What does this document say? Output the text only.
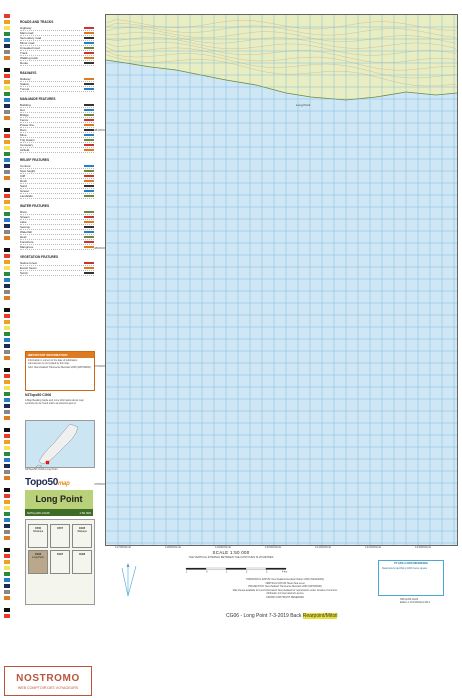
ROADS AND TRACKS
Highway
Main road
Secondary road
Minor road
Unsealed road
Track
Walking track
Route
RAILWAYS
Railway
Station
Tunnel
MAN-MADE FEATURES
Building
Hut
Bridge
Fence
Power line
Dam
Mine
Trig station
Cemetery
Airfield
RELIEF FEATURES
Contour
Spot height
Cliff
Rock
Sand
Gravel
Landslide
WATER FEATURES
River
Stream
Lake
Swamp
Waterfall
Reef
Foreshore
Mangrove
VEGETATION FEATURES
Native forest
Exotic forest
Scrub
IMPORTANT INFORMATION
Information is current to the date of publication.
Land access is not implied by this map.
Grid: New Zealand Transverse Mercator 2000 (NZTM2000).
NZTopo50 CG06
A Map Reading Guide and more information about map symbols can be found online at www.linz.govt.nz
NZTopo50 CG06 Long Point
Topo50map
Long Point
NZTopo50-CG06	1:50 000
CF06
Tahakopa
CF07	CG05
Waipapa
CG06
Long Point
CG07	CH06
Long Point
1170000mE	1180000mE	1190000mE	1200000mE	1210000mE	1220000mE	1230000mE
4810000
4800000
4790000
4780000
SCALE 1:50 000
THE VERTICAL INTERVAL BETWEEN THE CONTOURS IS 20 METRES
1	0	1	2	3	4 km

HORIZONTAL DATUM: New Zealand Geodetic Datum 2000 (NZGD2000)

VERTICAL DATUM: Mean Sea Level

PROJECTION: New Zealand Transverse Mercator 2000 (NZTM2000)

Map sheets available for Land Information New Zealand for reproduction under Creative Commons Attribution 4.0 International Licence

CROWN COPYRIGHT RESERVED

TO GIVE A GRID REFERENCE
Read letters identifying 1000 metre square
NZTopo50-CG06
Edition 1.04 Published 2014
CG06 - Long Point 7-3-2019 Back Rearpoint/Mitoil
NOSTROMO
WEB COMPTOIR DES VOYAGEURS
